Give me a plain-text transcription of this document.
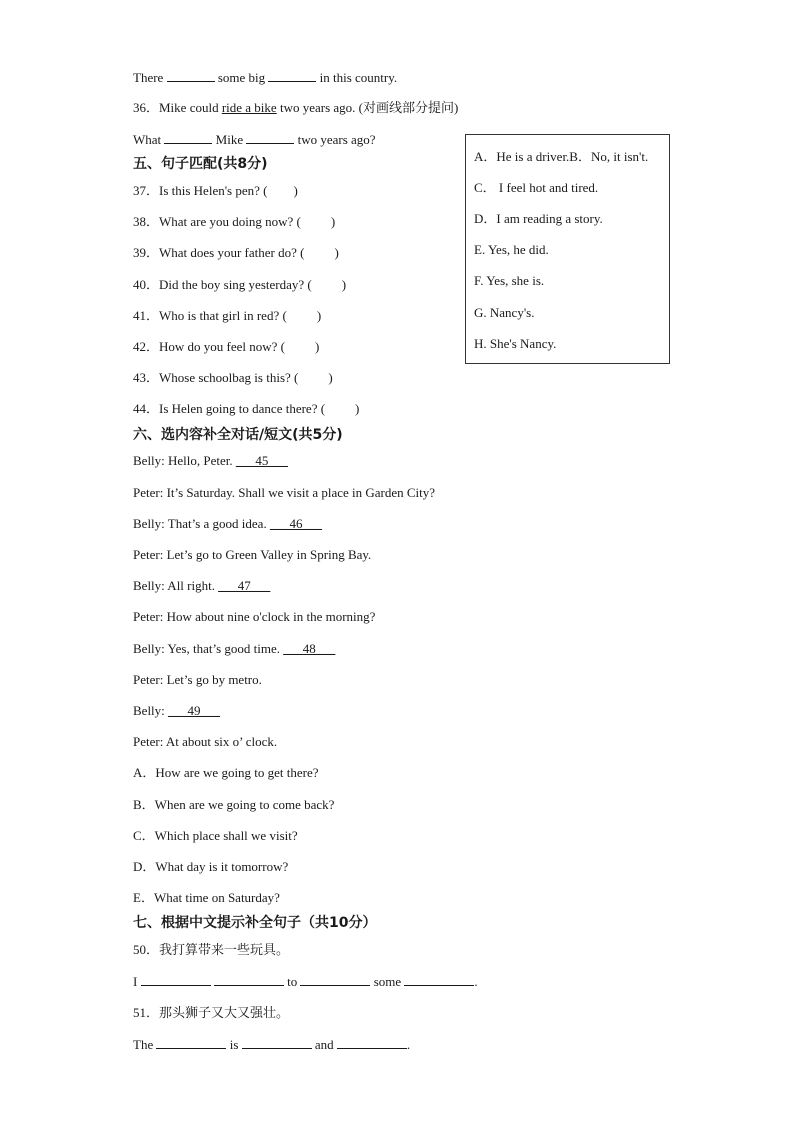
There	some big	in this country.
36．Mike could ride a bike two years ago. (对画线部分提问)
What	Mike	two years ago?
五、句子匹配(共8分)
37．Is this Helen's pen? ( )
38．What are you doing now? ( )
39．What does your father do? ( )
40．Did the boy sing yesterday? ( )
41．Who is that girl in red? ( )
42．How do you feel now? ( )
43．Whose schoolbag is this? ( )
44．Is Helen going to dance there? ( )
A．He is a driver.B．No, it isn't.
C． I feel hot and tired.
D．I am reading a story.
E. Yes, he did.
F. Yes, she is.
G. Nancy's.
H. She's Nancy.
六、选内容补全对话/短文(共5分)
Belly: Hello, Peter. ___45___
Peter: It’s Saturday. Shall we visit a place in Garden City?
Belly: That’s a good idea. ___46___
Peter: Let’s go to Green Valley in Spring Bay.
Belly: All right. ___47___
Peter: How about nine o'clock in the morning?
Belly: Yes, that’s good time. ___48___
Peter: Let’s go by metro.
Belly: ___49___
Peter: At about six o’ clock.
A．How are we going to get there?
B．When are we going to come back?
C．Which place shall we visit?
D．What day is it tomorrow?
E．What time on Saturday?
七、根据中文提示补全句子（共10分）
50．我打算带来一些玩具。
I	to	some	.
51．那头狮子又大又强壮。
The	is	and	.
